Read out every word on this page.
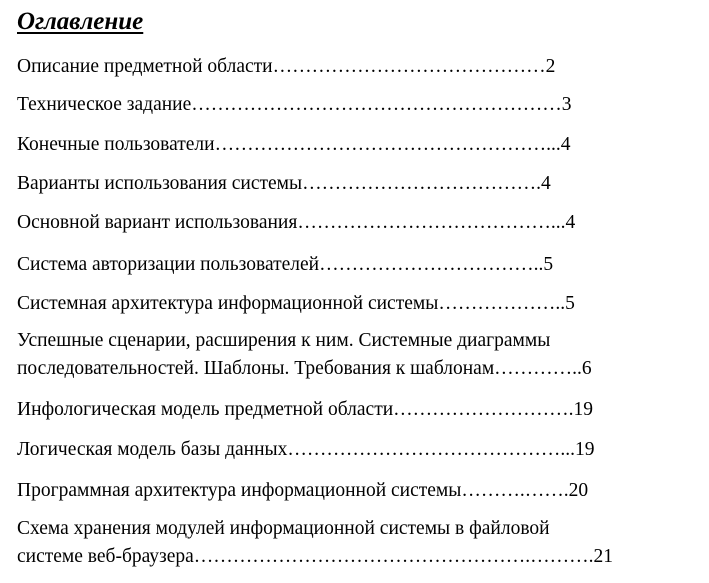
Оглавление
Описание предметной области……………………………………2
Техническое задание…………………………………………………3
Конечные пользователи……………………………………………...4
Варианты использования системы……………………………….4
Основной вариант использования…………………………………...4
Система авторизации пользователей……………………………..5
Системная архитектура информационной системы………………..5
Успешные сценарии, расширения к ним. Системные диаграммы
последовательностей. Шаблоны. Требования к шаблонам…………..6
Инфологическая модель предметной области……………………….19
Логическая модель базы данных……………………………………...19
Программная архитектура информационной системы……….…….20
Схема хранения модулей информационной системы в файловой
системе веб-браузера…………………………………………….……….21
